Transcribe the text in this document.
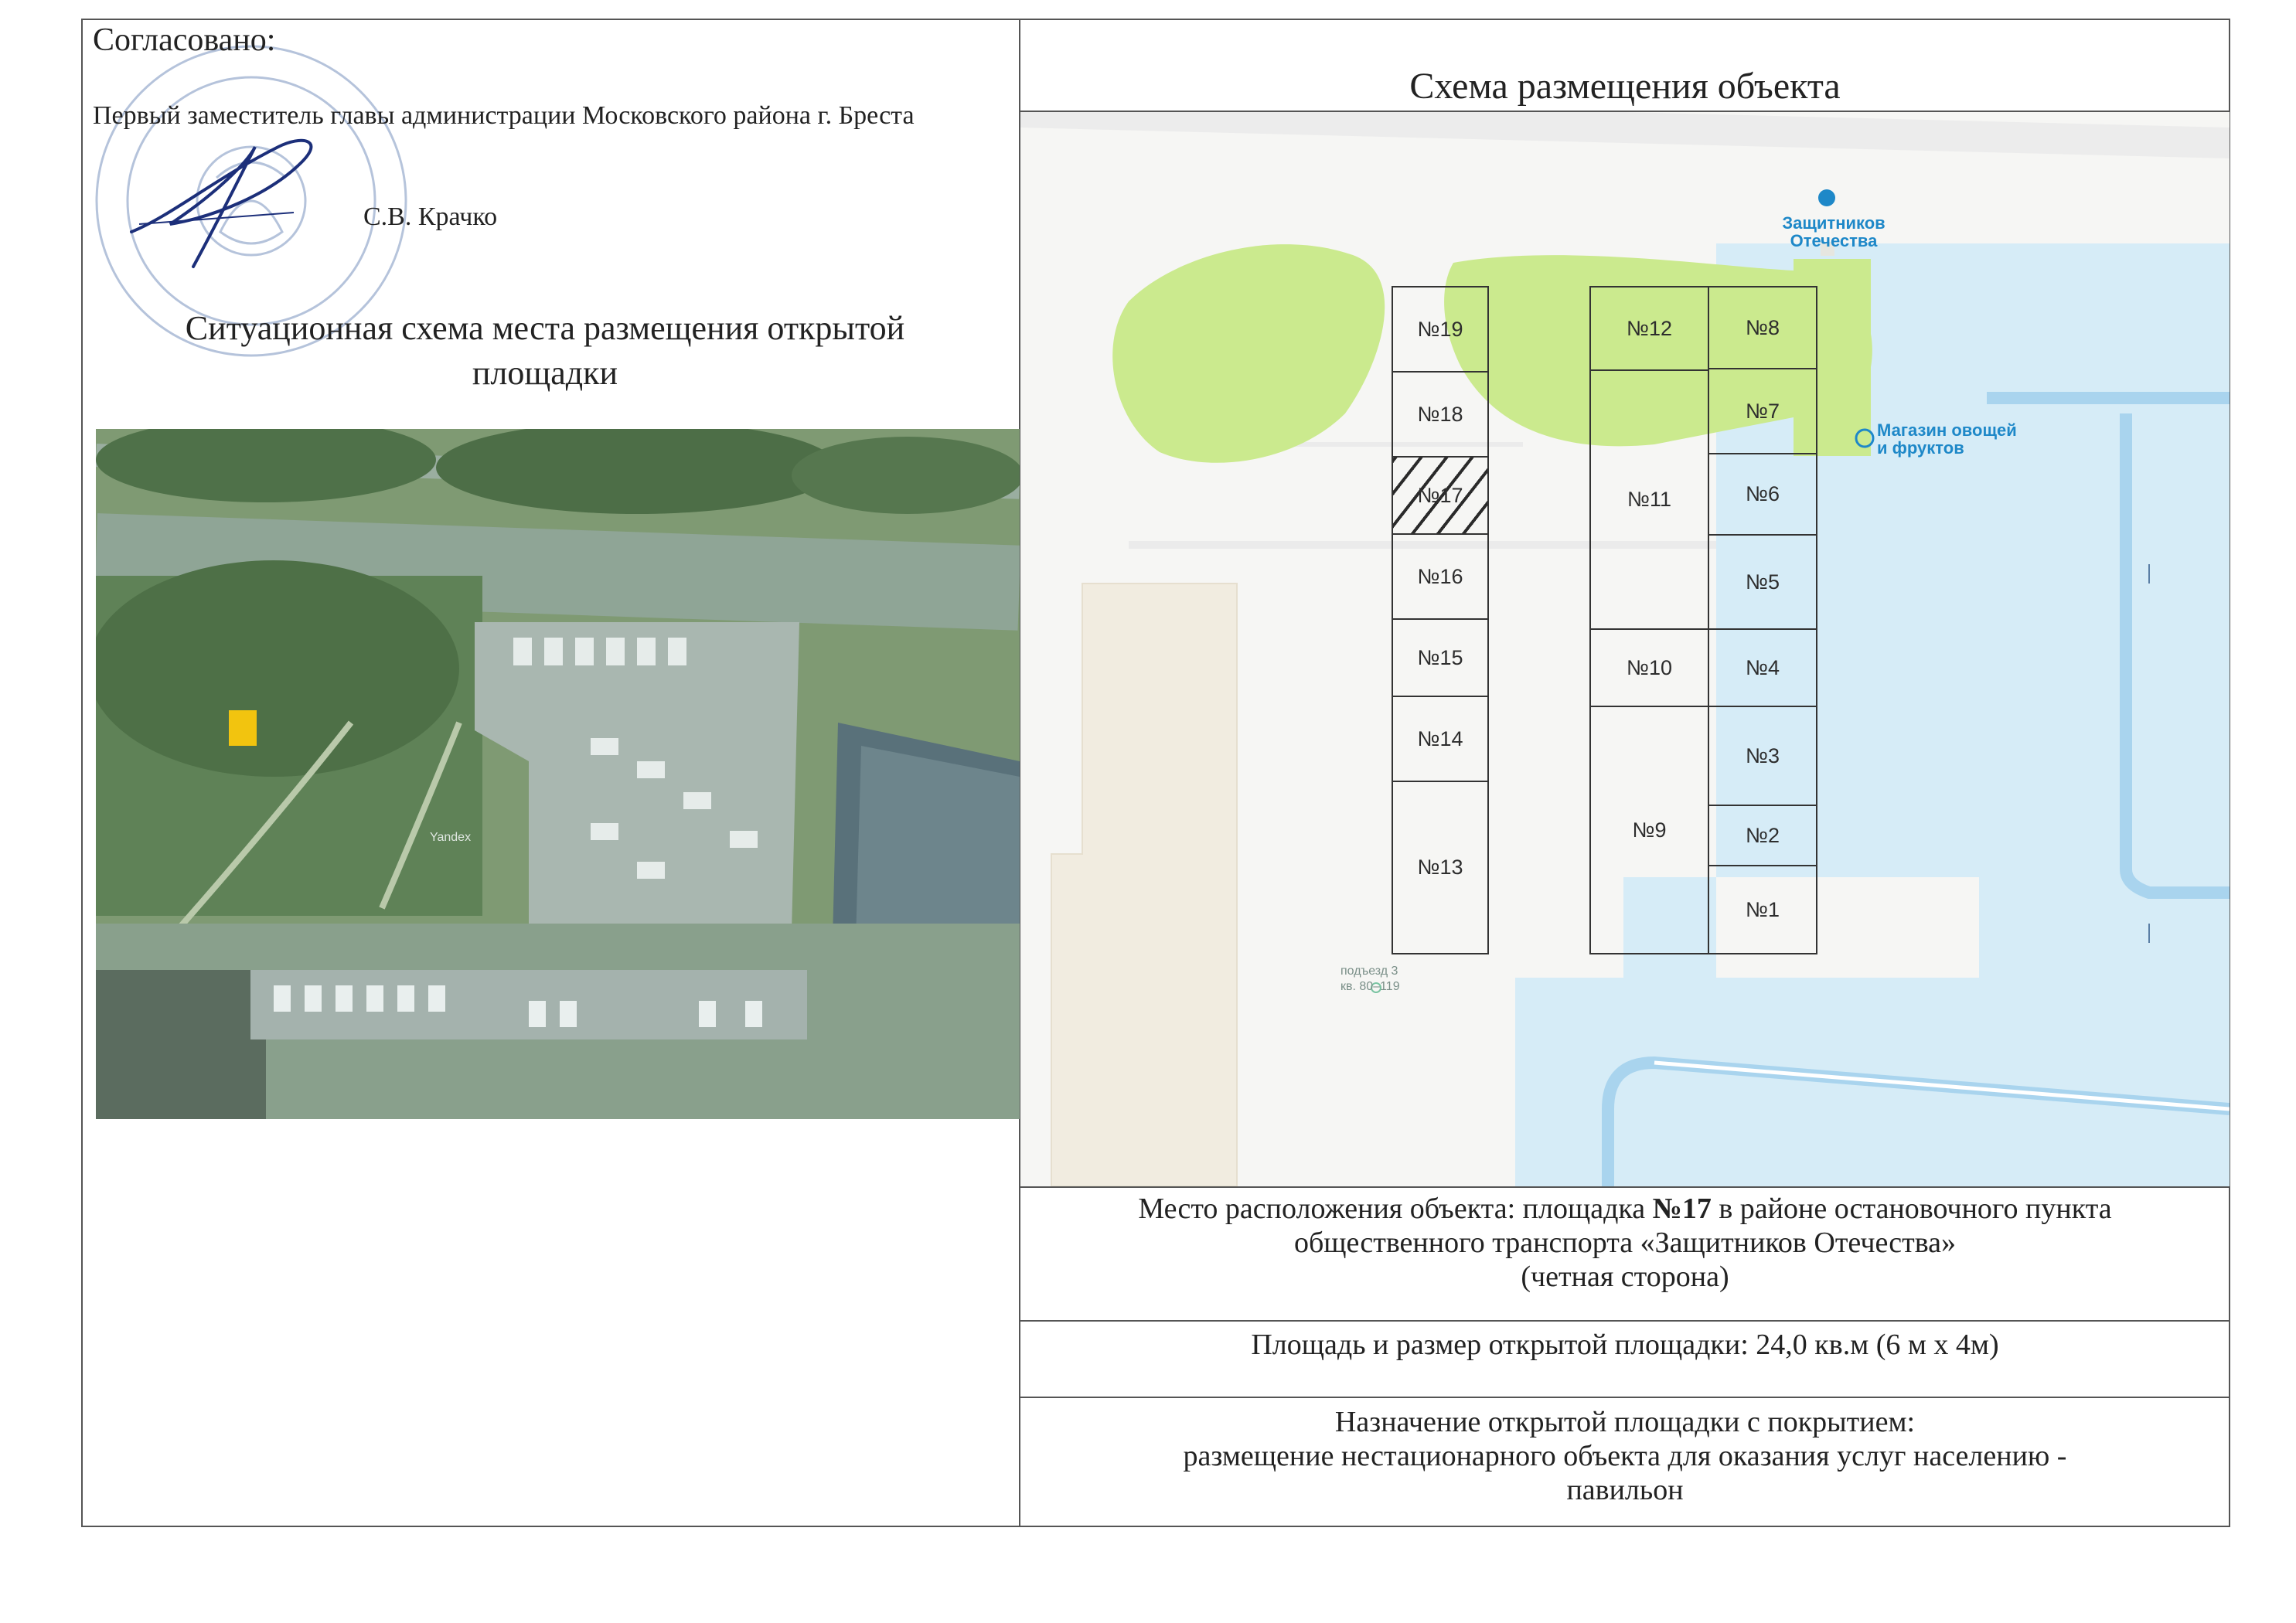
Согласовано:
Первый заместитель главы администрации Московского района г. Бреста
С.В. Крачко
Ситуационная схема места размещения открытой площадки
Yandex
Схема размещения объекта
Защитников
Отечества
Магазин овощей
и фруктов
подъезд 3
кв. 80–119
№19
№18
№17
№16
№15
№14
№13
№12
№11
№10
№9
№8
№7
№6
№5
№4
№3
№2
№1
Место расположения объекта: площадка №17 в районе остановочного пункта
общественного транспорта «Защитников Отечества»
(четная сторона)
Площадь и размер открытой площадки: 24,0 кв.м (6 м х 4м)
Назначение открытой площадки с покрытием:
размещение нестационарного объекта для оказания услуг населению -
павильон
